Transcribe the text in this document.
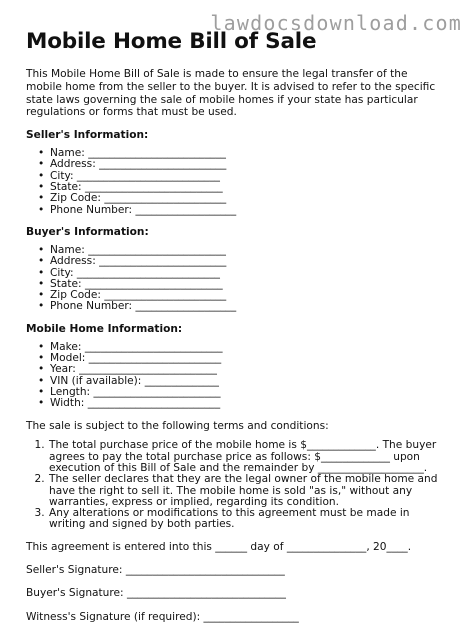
lawdocsdownload.com
Mobile Home Bill of Sale

This Mobile Home Bill of Sale is made to ensure the legal transfer of the mobile home from the seller to the buyer. It is advised to refer to the specific state laws governing the sale of mobile homes if your state has particular regulations or forms that must be used.

Seller's Information:
• Name: __________________________
• Address: ________________________
• City: ___________________________
• State: __________________________
• Zip Code: _______________________
• Phone Number: ___________________
Buyer's Information:
• Name: __________________________
• Address: ________________________
• City: ___________________________
• State: __________________________
• Zip Code: _______________________
• Phone Number: ___________________
Mobile Home Information:
• Make: __________________________
• Model: _________________________
• Year: __________________________
• VIN (if available): ______________
• Length: ________________________
• Width: _________________________

The sale is subject to the following terms and conditions:

1. The total purchase price of the mobile home is $_____________. The buyer agrees to pay the total purchase price as follows: $_____________ upon execution of this Bill of Sale and the remainder by ____________________.
2. The seller declares that they are the legal owner of the mobile home and have the right to sell it. The mobile home is sold "as is," without any warranties, express or implied, regarding its condition.
3. Any alterations or modifications to this agreement must be made in writing and signed by both parties.

This agreement is entered into this ______ day of _______________, 20____.

Seller's Signature: ______________________________
Buyer's Signature: ______________________________
Witness's Signature (if required): __________________
